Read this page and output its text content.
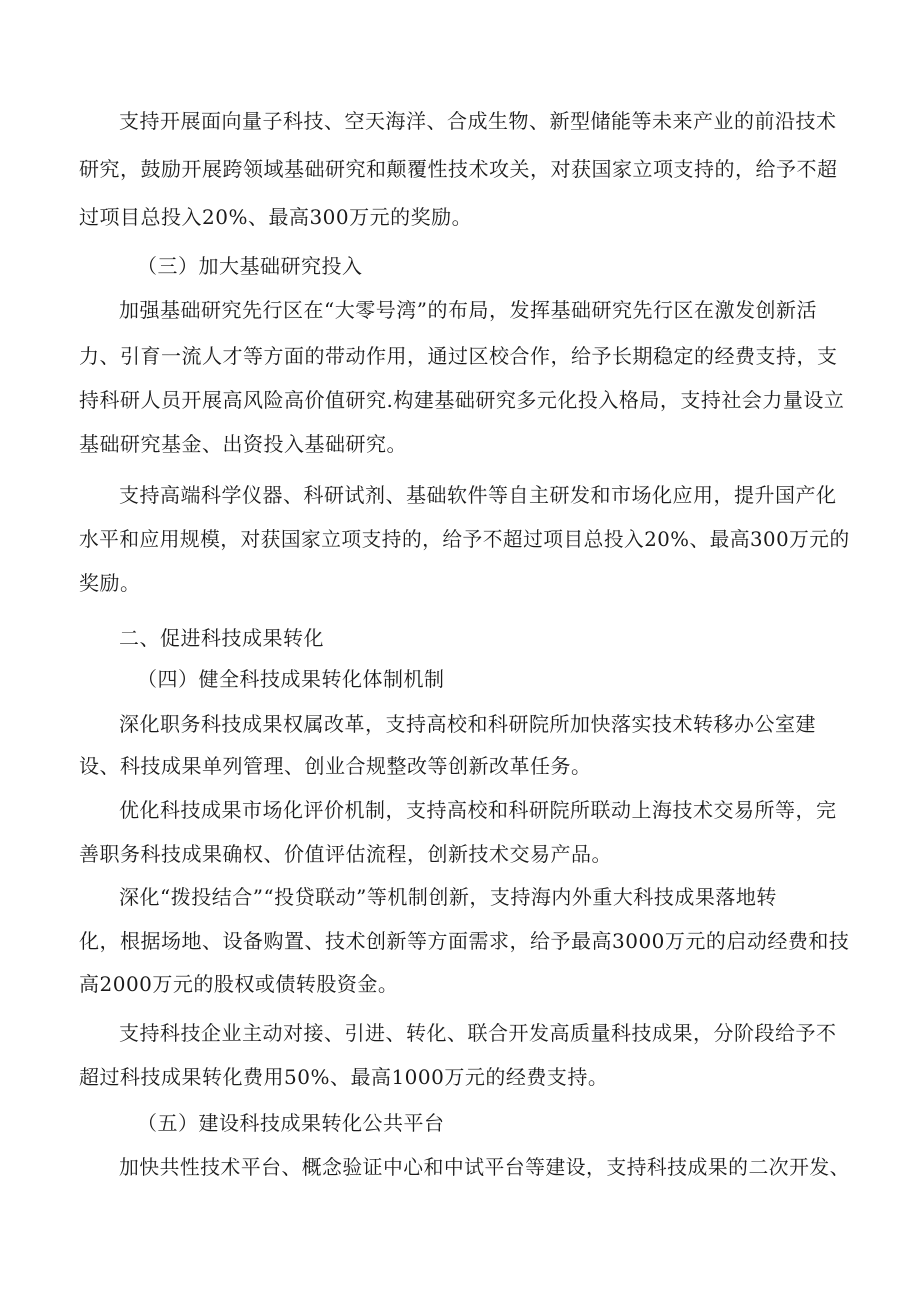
支持开展面向量子科技、空天海洋、合成生物、新型储能等未来产业的前沿技术
研究，鼓励开展跨领域基础研究和颠覆性技术攻关，对获国家立项支持的，给予不超
过项目总投入20%、最高300万元的奖励。
（三）加大基础研究投入
加强基础研究先行区在“大零号湾”的布局，发挥基础研究先行区在激发创新活
力、引育一流人才等方面的带动作用，通过区校合作，给予长期稳定的经费支持，支
持科研人员开展高风险高价值研究.构建基础研究多元化投入格局，支持社会力量设立
基础研究基金、出资投入基础研究。
支持高端科学仪器、科研试剂、基础软件等自主研发和市场化应用，提升国产化
水平和应用规模，对获国家立项支持的，给予不超过项目总投入20%、最高300万元的
奖励。
二、促进科技成果转化
（四）健全科技成果转化体制机制
深化职务科技成果权属改革，支持高校和科研院所加快落实技术转移办公室建
设、科技成果单列管理、创业合规整改等创新改革任务。
优化科技成果市场化评价机制，支持高校和科研院所联动上海技术交易所等，完
善职务科技成果确权、价值评估流程，创新技术交易产品。
深化“拨投结合”“投贷联动”等机制创新，支持海内外重大科技成果落地转
化，根据场地、设备购置、技术创新等方面需求，给予最高3000万元的启动经费和技
高2000万元的股权或债转股资金。
支持科技企业主动对接、引进、转化、联合开发高质量科技成果，分阶段给予不
超过科技成果转化费用50%、最高1000万元的经费支持。
（五）建设科技成果转化公共平台
加快共性技术平台、概念验证中心和中试平台等建设，支持科技成果的二次开发、
